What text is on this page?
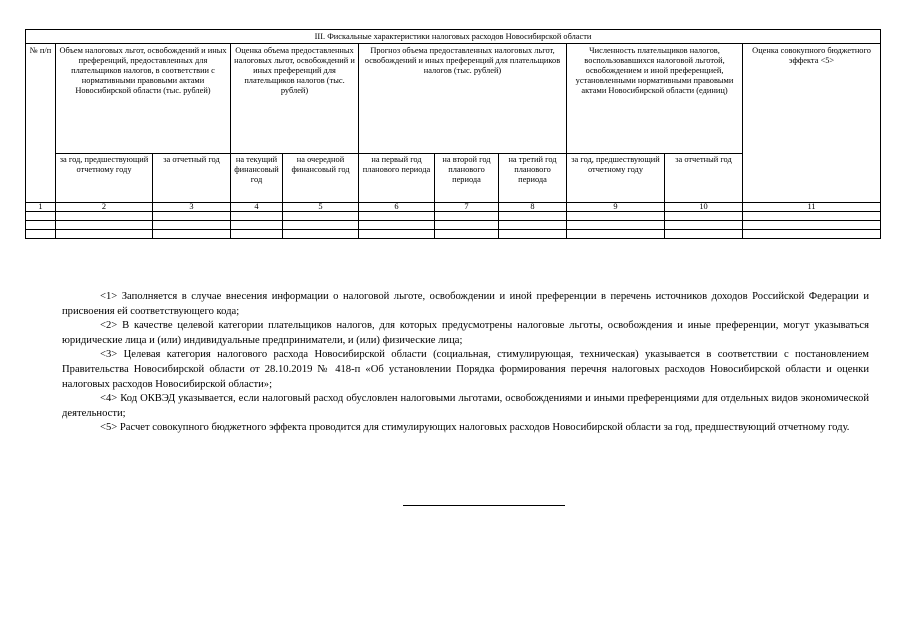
III. Фискальные характеристики налоговых расходов Новосибирской области										
№ п/п	Объем налоговых льгот, освобождений и иных преференций, предоставленных для плательщиков налогов, в соответствии с нормативными правовыми актами Новосибирской области (тыс. рублей)		Оценка объема предоставленных налоговых льгот, освобождений и иных преференций для плательщиков налогов (тыс. рублей)		Прогноз объема предоставленных налоговых льгот, освобождений и иных преференций для плательщиков налогов (тыс. рублей)			Численность плательщиков налогов, воспользовавшихся налоговой льготой, освобождением и иной преференцией, установленными нормативными правовыми актами Новосибирской области (единиц)		Оценка совокупного бюджетного эффекта <5>
	за год, предшествующий отчетному году	за отчетный год	на текущий финансовый год	на очередной финансовый год	на первый год планового периода	на второй год планового периода	на третий год планового периода	за год, предшествующий отчетному году	за отчетный год	
1	2	3	4	5	6	7	8	9	10	11

<1> Заполняется в случае внесения информации о налоговой льготе, освобождении и иной преференции в перечень источников доходов Российской Федерации и присвоения ей соответствующего кода;

<2> В качестве целевой категории плательщиков налогов, для которых предусмотрены налоговые льготы, освобождения и иные преференции, могут указываться юридические лица и (или) индивидуальные предприниматели, и (или) физические лица;

<3> Целевая категория налогового расхода Новосибирской области (социальная, стимулирующая, техническая) указывается в соответствии с постановлением Правительства Новосибирской области от 28.10.2019 № 418-п «Об установлении Порядка формирования перечня налоговых расходов Новосибирской области и оценки налоговых расходов Новосибирской области»;

<4> Код ОКВЭД указывается, если налоговый расход обусловлен налоговыми льготами, освобождениями и иными преференциями для отдельных видов экономической деятельности;

<5> Расчет совокупного бюджетного эффекта проводится для стимулирующих налоговых расходов Новосибирской области за год, предшествующий отчетному году.
